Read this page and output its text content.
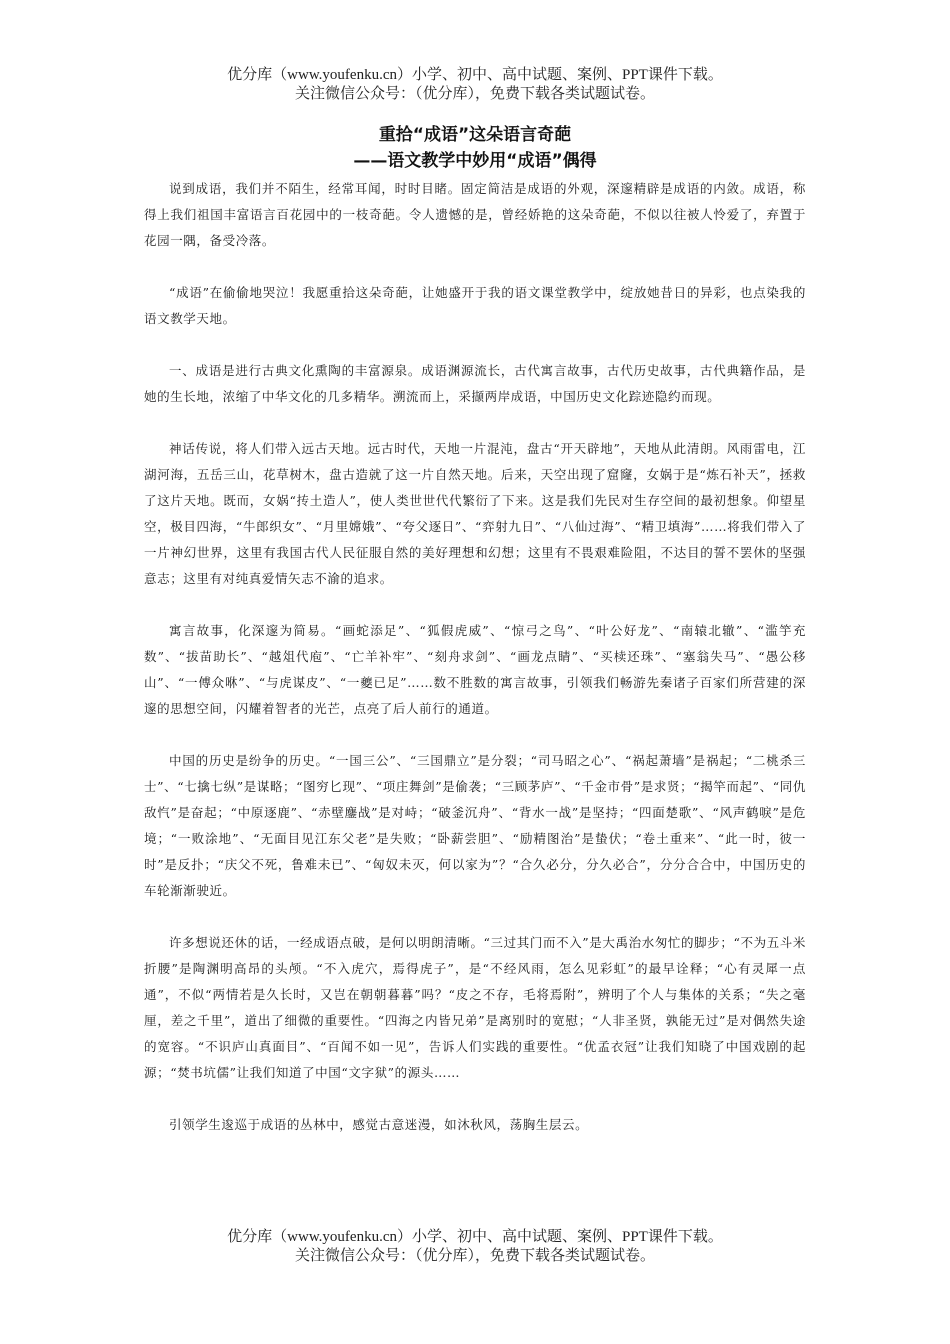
优分库（www.youfenku.cn）小学、初中、高中试题、案例、PPT课件下载。
关注微信公众号：（优分库），免费下载各类试题试卷。
重拾“成语”这朵语言奇葩
——语文教学中妙用“成语”偶得

说到成语，我们并不陌生，经常耳闻，时时目睹。固定简洁是成语的外观，深邃精辟是成语的内敛。成语，称得上我们祖国丰富语言百花园中的一枝奇葩。令人遗憾的是，曾经娇艳的这朵奇葩，不似以往被人怜爱了，弃置于花园一隅，备受冷落。

“成语”在偷偷地哭泣！我愿重拾这朵奇葩，让她盛开于我的语文课堂教学中，绽放她昔日的异彩，也点染我的语文教学天地。

一、成语是进行古典文化熏陶的丰富源泉。成语渊源流长，古代寓言故事，古代历史故事，古代典籍作品，是她的生长地，浓缩了中华文化的几多精华。溯流而上，采撷两岸成语，中国历史文化踪迹隐约而现。

神话传说，将人们带入远古天地。远古时代，天地一片混沌，盘古“开天辟地”，天地从此清朗。风雨雷电，江湖河海，五岳三山，花草树木，盘古造就了这一片自然天地。后来，天空出现了窟窿，女娲于是“炼石补天”，拯救了这片天地。既而，女娲“抟土造人”，使人类世世代代繁衍了下来。这是我们先民对生存空间的最初想象。仰望星空，极目四海，“牛郎织女”、“月里嫦娥”、“夸父逐日”、“弈射九日”、“八仙过海”、“精卫填海”……将我们带入了一片神幻世界，这里有我国古代人民征服自然的美好理想和幻想；这里有不畏艰难险阻，不达目的誓不罢休的坚强意志；这里有对纯真爱情矢志不渝的追求。

寓言故事，化深邃为简易。“画蛇添足”、“狐假虎威”、“惊弓之鸟”、“叶公好龙”、“南辕北辙”、“滥竽充数”、“拔苗助长”、“越俎代庖”、“亡羊补牢”、“刻舟求剑”、“画龙点睛”、“买椟还珠”、“塞翁失马”、“愚公移山”、“一傅众咻”、“与虎谋皮”、“一夔已足”……数不胜数的寓言故事，引领我们畅游先秦诸子百家们所营建的深邃的思想空间，闪耀着智者的光芒，点亮了后人前行的通道。

中国的历史是纷争的历史。“一国三公”、“三国鼎立”是分裂；“司马昭之心”、“祸起萧墙”是祸起；“二桃杀三士”、“七擒七纵”是谋略；“图穷匕现”、“项庄舞剑”是偷袭；“三顾茅庐”、“千金市骨”是求贤；“揭竿而起”、“同仇敌忾”是奋起；“中原逐鹿”、“赤壁鏖战”是对峙；“破釜沉舟”、“背水一战”是坚持；“四面楚歌”、“风声鹤唳”是危境；“一败涂地”、“无面目见江东父老”是失败；“卧薪尝胆”、“励精图治”是蛰伏；“卷土重来”、“此一时，彼一时”是反扑；“庆父不死，鲁难未已”、“匈奴未灭，何以家为”？“合久必分，分久必合”，分分合合中，中国历史的车轮渐渐驶近。

许多想说还休的话，一经成语点破，是何以明朗清晰。“三过其门而不入”是大禹治水匆忙的脚步；“不为五斗米折腰”是陶渊明高昂的头颅。“不入虎穴，焉得虎子”，是“不经风雨，怎么见彩虹”的最早诠释；“心有灵犀一点通”，不似“两情若是久长时，又岂在朝朝暮暮”吗？“皮之不存，毛将焉附”，辨明了个人与集体的关系；“失之毫厘，差之千里”，道出了细微的重要性。“四海之内皆兄弟”是离别时的宽慰；“人非圣贤，孰能无过”是对偶然失途的宽容。“不识庐山真面目”、“百闻不如一见”，告诉人们实践的重要性。“优孟衣冠”让我们知晓了中国戏剧的起源；“焚书坑儒”让我们知道了中国“文字狱”的源头……

引领学生逡巡于成语的丛林中，感觉古意迷漫，如沐秋风，荡胸生层云。

优分库（www.youfenku.cn）小学、初中、高中试题、案例、PPT课件下载。
关注微信公众号：（优分库），免费下载各类试题试卷。
